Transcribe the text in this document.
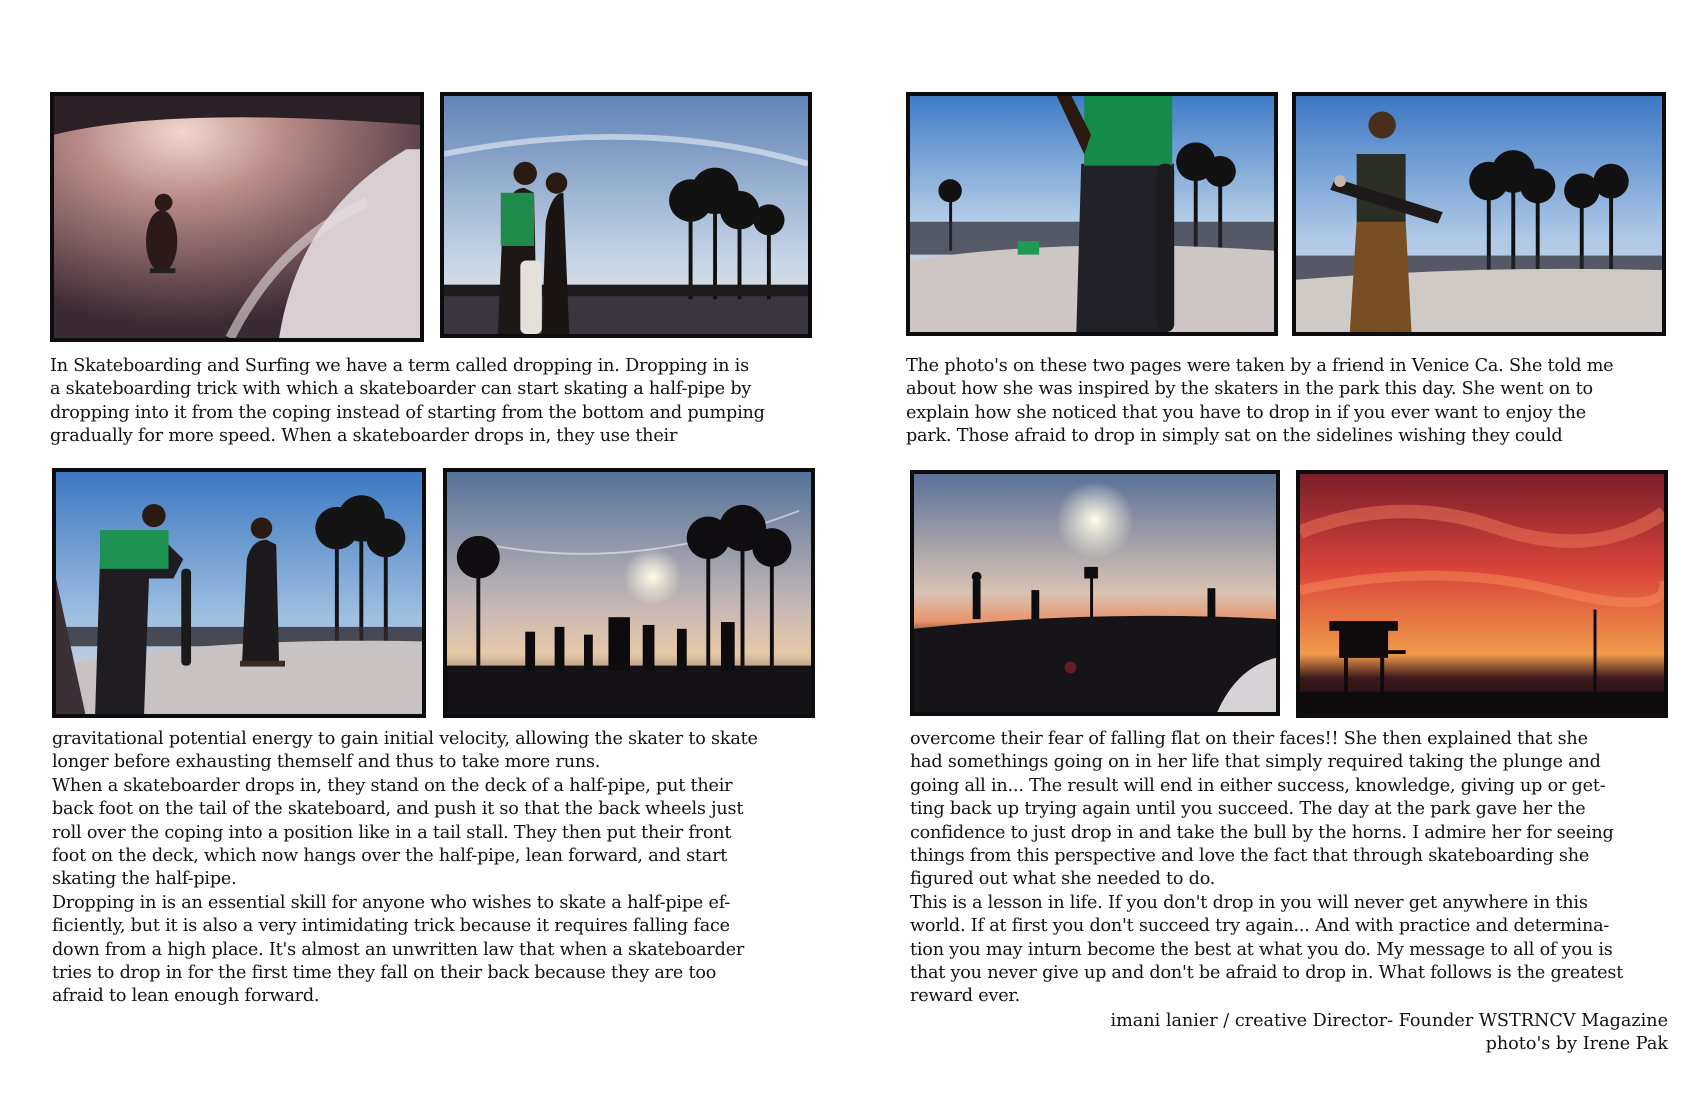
In Skateboarding and Surfing we have a term called dropping in. Dropping in is
a skateboarding trick with which a skateboarder can start skating a half-pipe by
dropping into it from the coping instead of starting from the bottom and pumping
gradually for more speed. When a skateboarder drops in, they use their

gravitational potential energy to gain initial velocity, allowing the skater to skate
longer before exhausting themself and thus to take more runs.
When a skateboarder drops in, they stand on the deck of a half-pipe, put their
back foot on the tail of the skateboard, and push it so that the back wheels just
roll over the coping into a position like in a tail stall. They then put their front
foot on the deck, which now hangs over the half-pipe, lean forward, and start
skating the half-pipe.
Dropping in is an essential skill for anyone who wishes to skate a half-pipe ef-
ficiently, but it is also a very intimidating trick because it requires falling face
down from a high place. It's almost an unwritten law that when a skateboarder
tries to drop in for the first time they fall on their back because they are too
afraid to lean enough forward.

The photo's on these two pages were taken by a friend in Venice Ca. She told me
about how she was inspired by the skaters in the park this day. She went on to
explain how she noticed that you have to drop in if you ever want to enjoy the
park. Those afraid to drop in simply sat on the sidelines wishing they could

overcome their fear of falling flat on their faces!! She then explained that she
had somethings going on in her life that simply required taking the plunge and
going all in... The result will end in either success, knowledge, giving up or get-
ting back up trying again until you succeed. The day at the park gave her the
confidence to just drop in and take the bull by the horns. I admire her for seeing
things from this perspective and love the fact that through skateboarding she
figured out what she needed to do.
This is a lesson in life. If you don't drop in you will never get anywhere in this
world. If at first you don't succeed try again... And with practice and determina-
tion you may inturn become the best at what you do. My message to all of you is
that you never give up and don't be afraid to drop in. What follows is the greatest
reward ever.

imani lanier / creative Director- Founder WSTRNCV Magazine
photo's by Irene Pak
